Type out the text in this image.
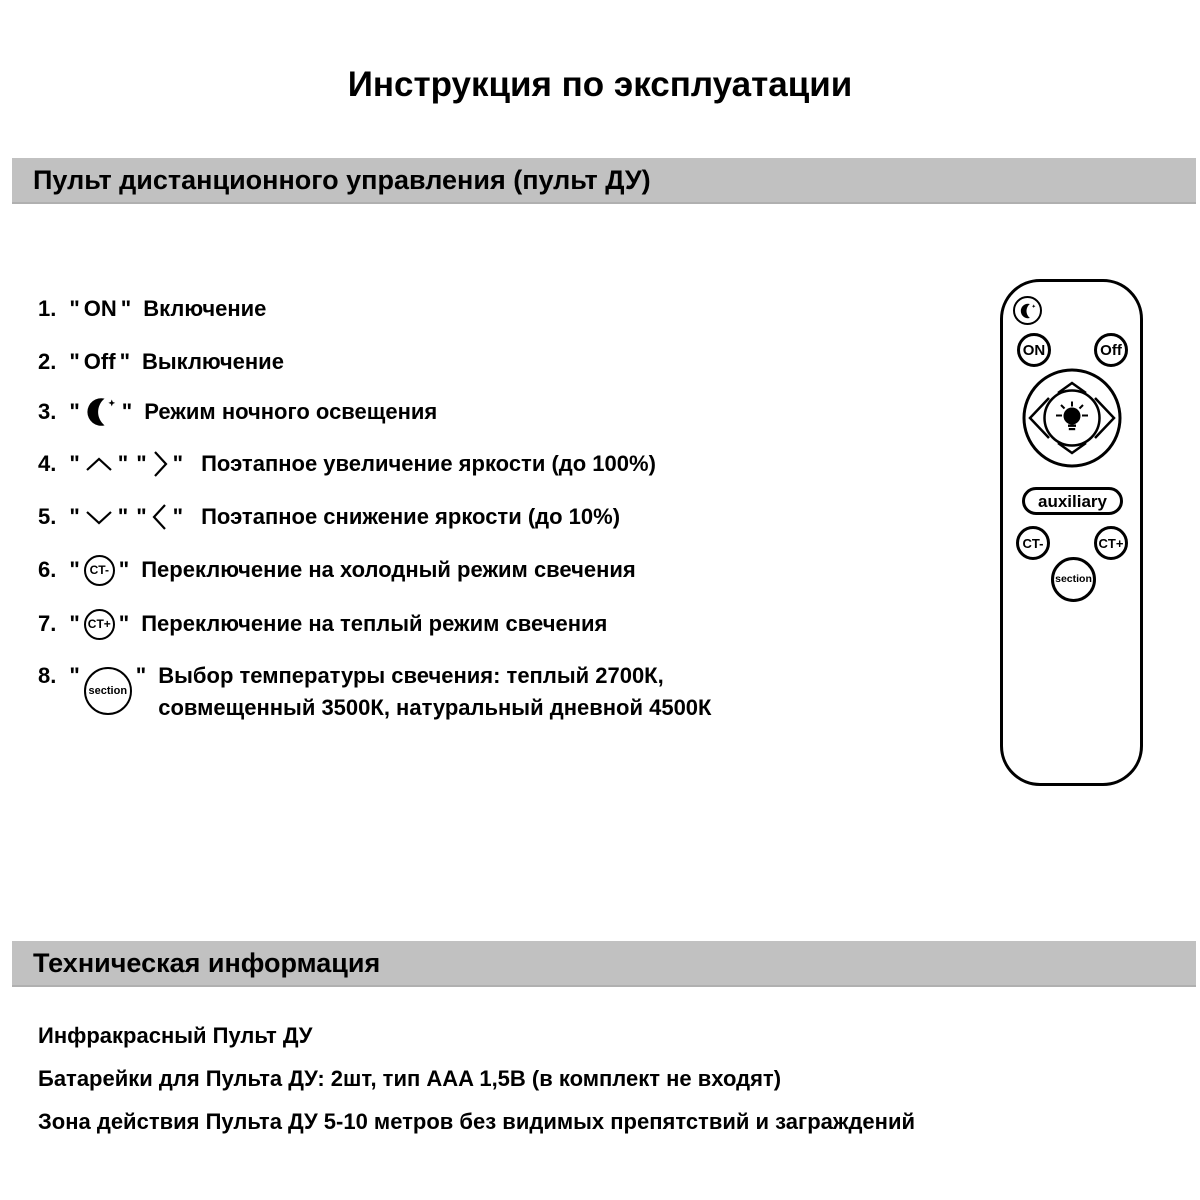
Инструкция по эксплуатации
Пульт дистанционного управления (пульт ДУ)
1. " ON " Включение
2. " Off " Выключение
3. " " Режим ночного освещения
4. " " " " Поэтапное увеличение яркости (до 100%)
5. " " " " Поэтапное снижение яркости (до 10%)
6. " CT- " Переключение на холодный режим свечения
7. " CT+ " Переключение на теплый режим свечения
8. "
section
" Выбор температуры свечения: теплый 2700К,
совмещенный 3500К, натуральный дневной 4500К
ON	Off
auxiliary
CT-	CT+
section
Техническая информация
Инфракрасный Пульт ДУ
Батарейки для Пульта ДУ: 2шт, тип AAA 1,5В (в комплект не входят)
Зона действия Пульта ДУ 5-10 метров без видимых препятствий и заграждений
